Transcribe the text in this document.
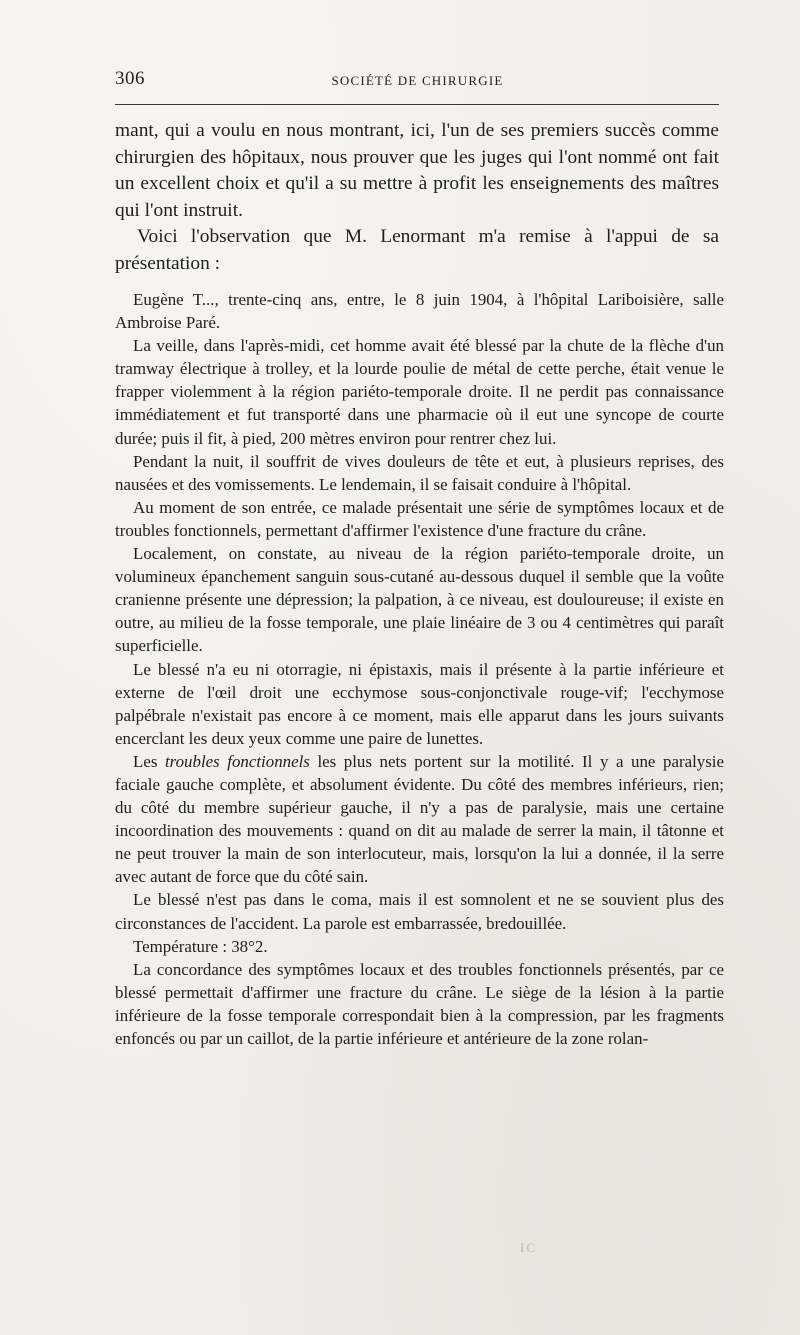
306	SOCIÉTÉ DE CHIRURGIE

mant, qui a voulu en nous montrant, ici, l'un de ses premiers succès comme chirurgien des hôpitaux, nous prouver que les juges qui l'ont nommé ont fait un excellent choix et qu'il a su mettre à profit les enseignements des maîtres qui l'ont instruit.

Voici l'observation que M. Lenormant m'a remise à l'appui de sa présentation :

Eugène T..., trente-cinq ans, entre, le 8 juin 1904, à l'hôpital Lariboisière, salle Ambroise Paré.

La veille, dans l'après-midi, cet homme avait été blessé par la chute de la flèche d'un tramway électrique à trolley, et la lourde poulie de métal de cette perche, était venue le frapper violemment à la région pariéto-temporale droite. Il ne perdit pas connaissance immédiatement et fut transporté dans une pharmacie où il eut une syncope de courte durée; puis il fit, à pied, 200 mètres environ pour rentrer chez lui.

Pendant la nuit, il souffrit de vives douleurs de tête et eut, à plusieurs reprises, des nausées et des vomissements. Le lendemain, il se faisait conduire à l'hôpital.

Au moment de son entrée, ce malade présentait une série de symptômes locaux et de troubles fonctionnels, permettant d'affirmer l'existence d'une fracture du crâne.

Localement, on constate, au niveau de la région pariéto-temporale droite, un volumineux épanchement sanguin sous-cutané au-dessous duquel il semble que la voûte cranienne présente une dépression; la palpation, à ce niveau, est douloureuse; il existe en outre, au milieu de la fosse temporale, une plaie linéaire de 3 ou 4 centimètres qui paraît superficielle.

Le blessé n'a eu ni otorragie, ni épistaxis, mais il présente à la partie inférieure et externe de l'œil droit une ecchymose sous-conjonctivale rouge-vif; l'ecchymose palpébrale n'existait pas encore à ce moment, mais elle apparut dans les jours suivants encerclant les deux yeux comme une paire de lunettes.

Les troubles fonctionnels les plus nets portent sur la motilité. Il y a une paralysie faciale gauche complète, et absolument évidente. Du côté des membres inférieurs, rien; du côté du membre supérieur gauche, il n'y a pas de paralysie, mais une certaine incoordination des mouvements : quand on dit au malade de serrer la main, il tâtonne et ne peut trouver la main de son interlocuteur, mais, lorsqu'on la lui a donnée, il la serre avec autant de force que du côté sain.

Le blessé n'est pas dans le coma, mais il est somnolent et ne se souvient plus des circonstances de l'accident. La parole est embarrassée, bredouillée.

Température : 38°2.

La concordance des symptômes locaux et des troubles fonctionnels présentés, par ce blessé permettait d'affirmer une fracture du crâne. Le siège de la lésion à la partie inférieure de la fosse temporale correspondait bien à la compression, par les fragments enfoncés ou par un caillot, de la partie inférieure et antérieure de la zone rolan-

IC
